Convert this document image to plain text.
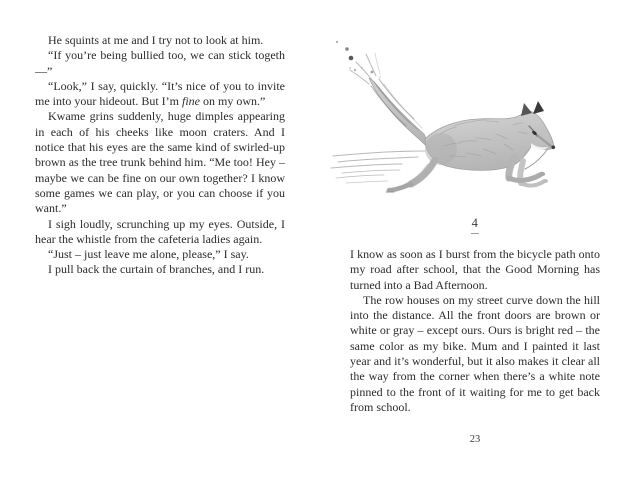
He squints at me and I try not to look at him.

“If you’re being bullied too, we can stick togeth—”

“Look,” I say, quickly. “It’s nice of you to invite me into your hideout. But I’m fine on my own.”

Kwame grins suddenly, huge dimples appearing in each of his cheeks like moon craters. And I notice that his eyes are the same kind of swirled-up brown as the tree trunk behind him. “Me too! Hey – maybe we can be fine on our own together? I know some games we can play, or you can choose if you want.”

I sigh loudly, scrunching up my eyes. Outside, I hear the whistle from the cafeteria ladies again.

“Just – just leave me alone, please,” I say.

I pull back the curtain of branches, and I run.

4

I know as soon as I burst from the bicycle path onto my road after school, that the Good Morning has turned into a Bad Afternoon.

The row houses on my street curve down the hill into the distance. All the front doors are brown or white or gray – except ours. Ours is bright red – the same color as my bike. Mum and I painted it last year and it’s wonderful, but it also makes it clear all the way from the corner when there’s a white note pinned to the front of it waiting for me to get back from school.

23
